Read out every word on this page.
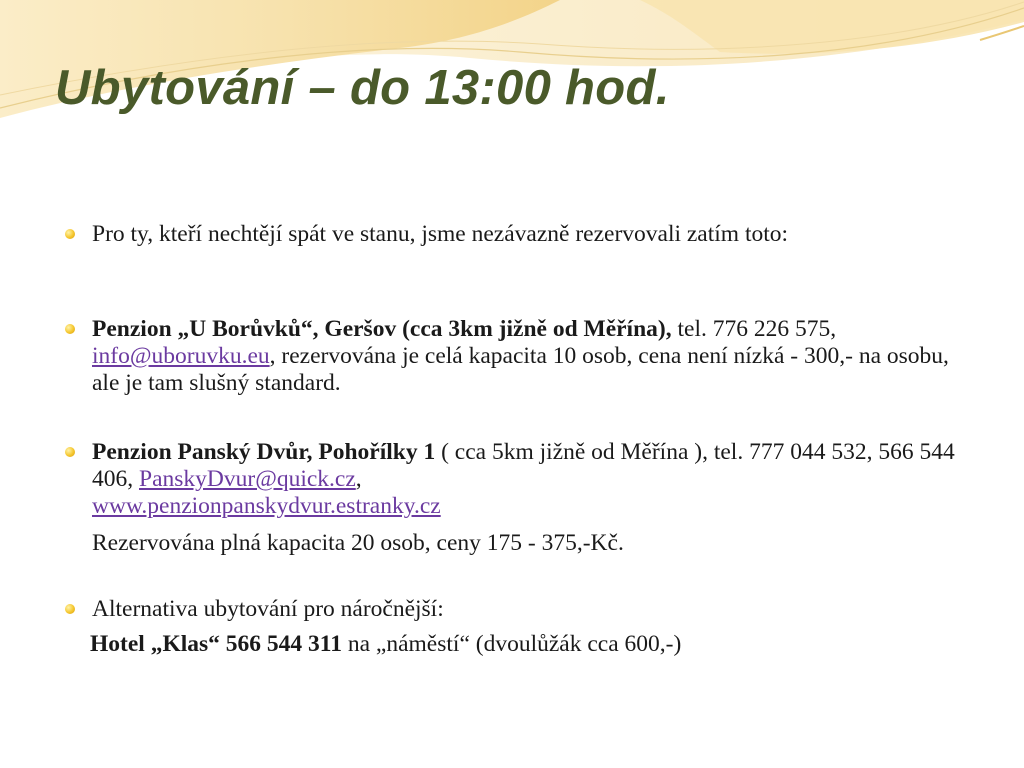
Ubytování – do 13:00 hod.
Pro ty, kteří nechtějí spát ve stanu, jsme nezávazně rezervovali zatím toto:
Penzion „U Borůvků“, Geršov (cca 3km jižně od Měřína), tel. 776 226 575, info@uboruvku.eu, rezervována je celá kapacita 10 osob, cena není nízká - 300,- na osobu, ale je tam slušný standard.
Penzion Panský Dvůr, Pohořílky 1 ( cca 5km jižně od Měřína ), tel. 777 044 532, 566 544 406, PanskyDvur@quick.cz,
www.penzionpanskydvur.estranky.cz
Rezervována plná kapacita 20 osob, ceny 175 - 375,-Kč.
Alternativa ubytování pro náročnější:
Hotel „Klas“ 566 544 311 na „náměstí“ (dvoulůžák cca 600,-)
